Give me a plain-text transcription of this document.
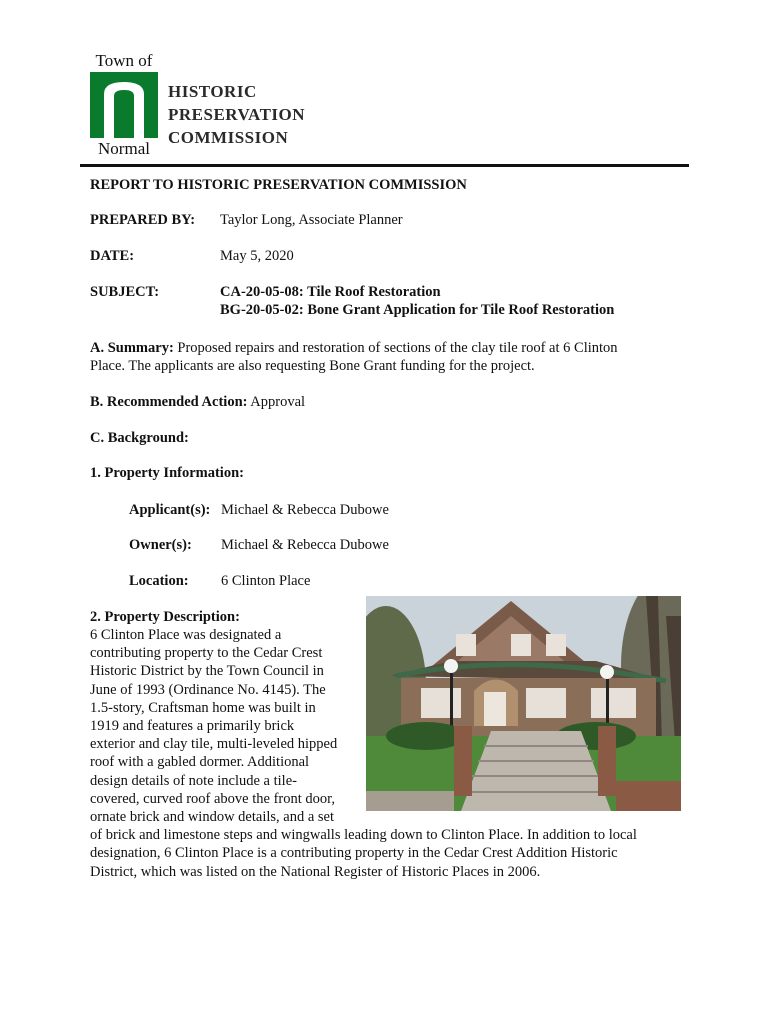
Town of
Normal
HISTORIC
PRESERVATION
COMMISSION
REPORT TO HISTORIC PRESERVATION COMMISSION
PREPARED BY: Taylor Long, Associate Planner
DATE:	May 5, 2020
SUBJECT:	CA-20-05-08: Tile Roof Restoration
BG-20-05-02: Bone Grant Application for Tile Roof Restoration
A. Summary: Proposed repairs and restoration of sections of the clay tile roof at 6 Clinton
Place. The applicants are also requesting Bone Grant funding for the project.
B. Recommended Action: Approval
C. Background:
1. Property Information:
Applicant(s): Michael & Rebecca Dubowe
Owner(s): Michael & Rebecca Dubowe
Location: 6 Clinton Place
2. Property Description:
6 Clinton Place was designated a
contributing property to the Cedar Crest
Historic District by the Town Council in
June of 1993 (Ordinance No. 4145). The
1.5-story, Craftsman home was built in
1919 and features a primarily brick
exterior and clay tile, multi-leveled hipped
roof with a gabled dormer. Additional
design details of note include a tile-
covered, curved roof above the front door,
ornate brick and window details, and a set
of brick and limestone steps and wingwalls leading down to Clinton Place. In addition to local
designation, 6 Clinton Place is a contributing property in the Cedar Crest Addition Historic
District, which was listed on the National Register of Historic Places in 2006.
